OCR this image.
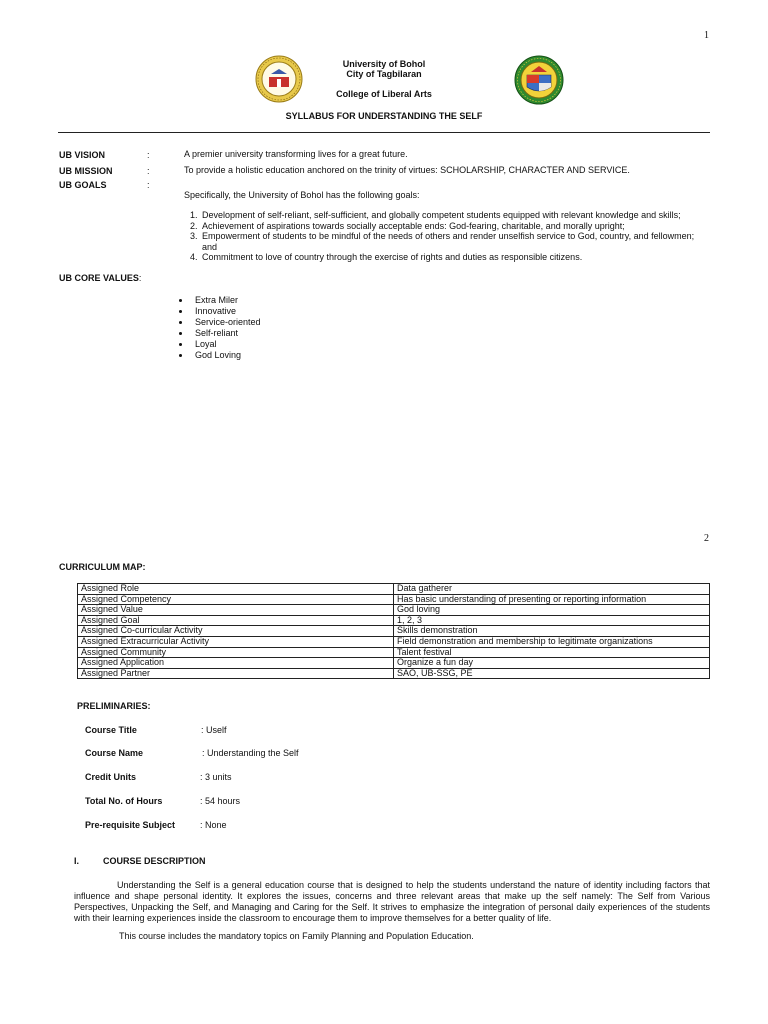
1
University of Bohol
City of Tagbilaran
College of Liberal Arts
SYLLABUS FOR UNDERSTANDING THE SELF
UB VISION	:	A premier university transforming lives for a great future.
UB MISSION	:	To provide a holistic education anchored on the trinity of virtues: SCHOLARSHIP, CHARACTER AND SERVICE.
UB GOALS	:
Specifically, the University of Bohol has the following goals:
1. Development of self-reliant, self-sufficient, and globally competent students equipped with relevant knowledge and skills;
2. Achievement of aspirations towards socially acceptable ends: God-fearing, charitable, and morally upright;
3. Empowerment of students to be mindful of the needs of others and render unselfish service to God, country, and fellowmen; and
4. Commitment to love of country through the exercise of rights and duties as responsible citizens.
UB CORE VALUES:
• Extra Miler
• Innovative
• Service-oriented
• Self-reliant
• Loyal
• God Loving
2
CURRICULUM MAP:
Assigned Role	Data gatherer
Assigned Competency	Has basic understanding of presenting or reporting information
Assigned Value	God loving
Assigned Goal	1, 2, 3
Assigned Co-curricular Activity	Skills demonstration
Assigned Extracurricular Activity	Field demonstration and membership to legitimate organizations
Assigned Community	Talent festival
Assigned Application	Organize a fun day
Assigned Partner	SAO, UB-SSG, PE
PRELIMINARIES:
Course Title	: Uself
Course Name	: Understanding the Self
Credit Units	: 3 units
Total No. of Hours	: 54 hours
Pre-requisite Subject	: None
I.	COURSE DESCRIPTION
Understanding the Self is a general education course that is designed to help the students understand the nature of identity including factors that influence and shape personal identity. It explores the issues, concerns and three relevant areas that make up the self namely: The Self from Various Perspectives, Unpacking the Self, and Managing and Caring for the Self. It strives to emphasize the integration of personal daily experiences of the students with their learning experiences inside the classroom to encourage them to improve themselves for a better quality of life.
This course includes the mandatory topics on Family Planning and Population Education.
